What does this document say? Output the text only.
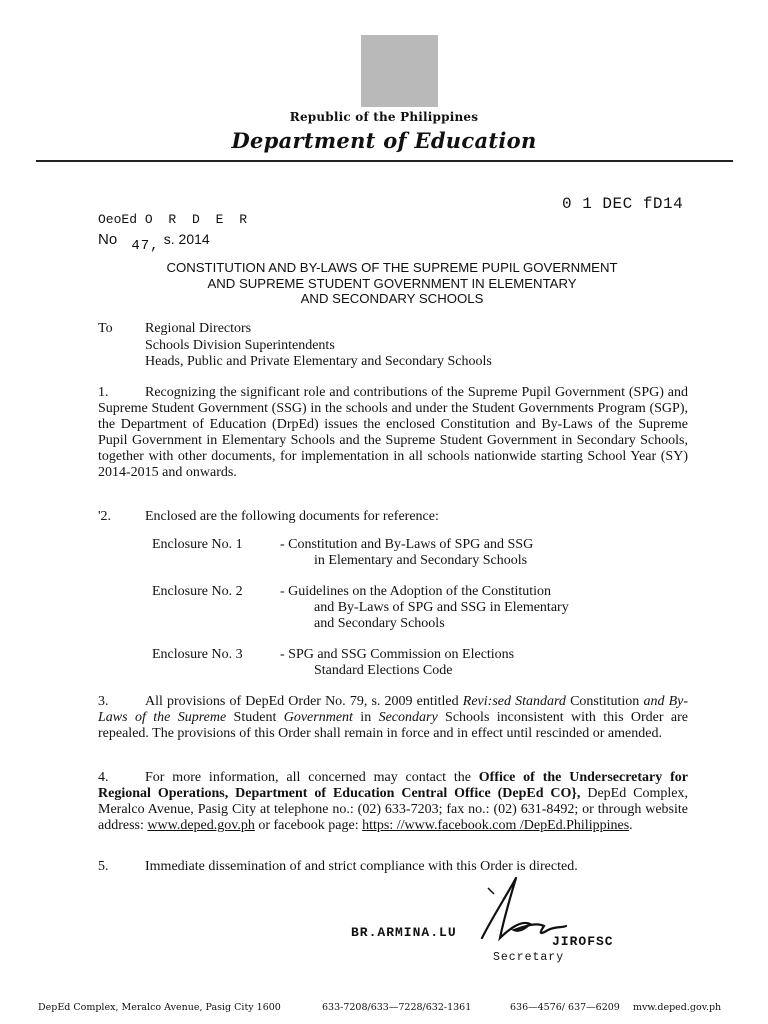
Republic of the Philippines
Department of Education
0 1 DEC fD14
OeoEd O R D E R
No 47, s. 2014
CONSTITUTION AND BY-LAWS OF THE SUPREME PUPIL GOVERNMENT
AND SUPREME STUDENT GOVERNMENT IN ELEMENTARY
AND SECONDARY SCHOOLS
To Regional Directors
Schools Division Superintendents
Heads, Public and Private Elementary and Secondary Schools
1.	Recognizing the significant role and contributions of the Supreme Pupil Government (SPG) and Supreme Student Government (SSG) in the schools and under the Student Governments Program (SGP), the Department of Education (DrpEd) issues the enclosed Constitution and By-Laws of the Supreme Pupil Government in Elementary Schools and the Supreme Student Government in Secondary Schools, together with other documents, for implementation in all schools nationwide starting School Year (SY) 2014-2015 and onwards.
'2. Enclosed are the following documents for reference:
Enclosure No. 1	- Constitution and By-Laws of SPG and SSG
in Elementary and Secondary Schools
Enclosure No. 2	- Guidelines on the Adoption of the Constitution
and By-Laws of SPG and SSG in Elementary
and Secondary Schools
Enclosure No. 3	- SPG and SSG Commission on Elections
Standard Elections Code
3.	All provisions of DepEd Order No. 79, s. 2009 entitled Revi:sed Standard Constitution and By-Laws of the Supreme Student Government in Secondary Schools inconsistent with this Order are repealed. The provisions of this Order shall remain in force and in effect until rescinded or amended.
4.	For more information, all concerned may contact the Office of the Undersecretary for Regional Operations, Department of Education Central Office (DepEd CO}, DepEd Complex, Meralco Avenue, Pasig City at telephone no.: (02) 633-7203; fax no.: (02) 631-8492; or through website address: www.deped.gov.ph or facebook page: https: //www.facebook.com /DepEd.Philippines.
5.	Immediate dissemination of and strict compliance with this Order is directed.
BR.ARMINA.LU
JIROFSC
Secretary
DepEd Complex, Meralco Avenue, Pasig City 1600	633-7208/633—7228/632-1361	636—4576/ 637—6209 mvw.deped.gov.ph
